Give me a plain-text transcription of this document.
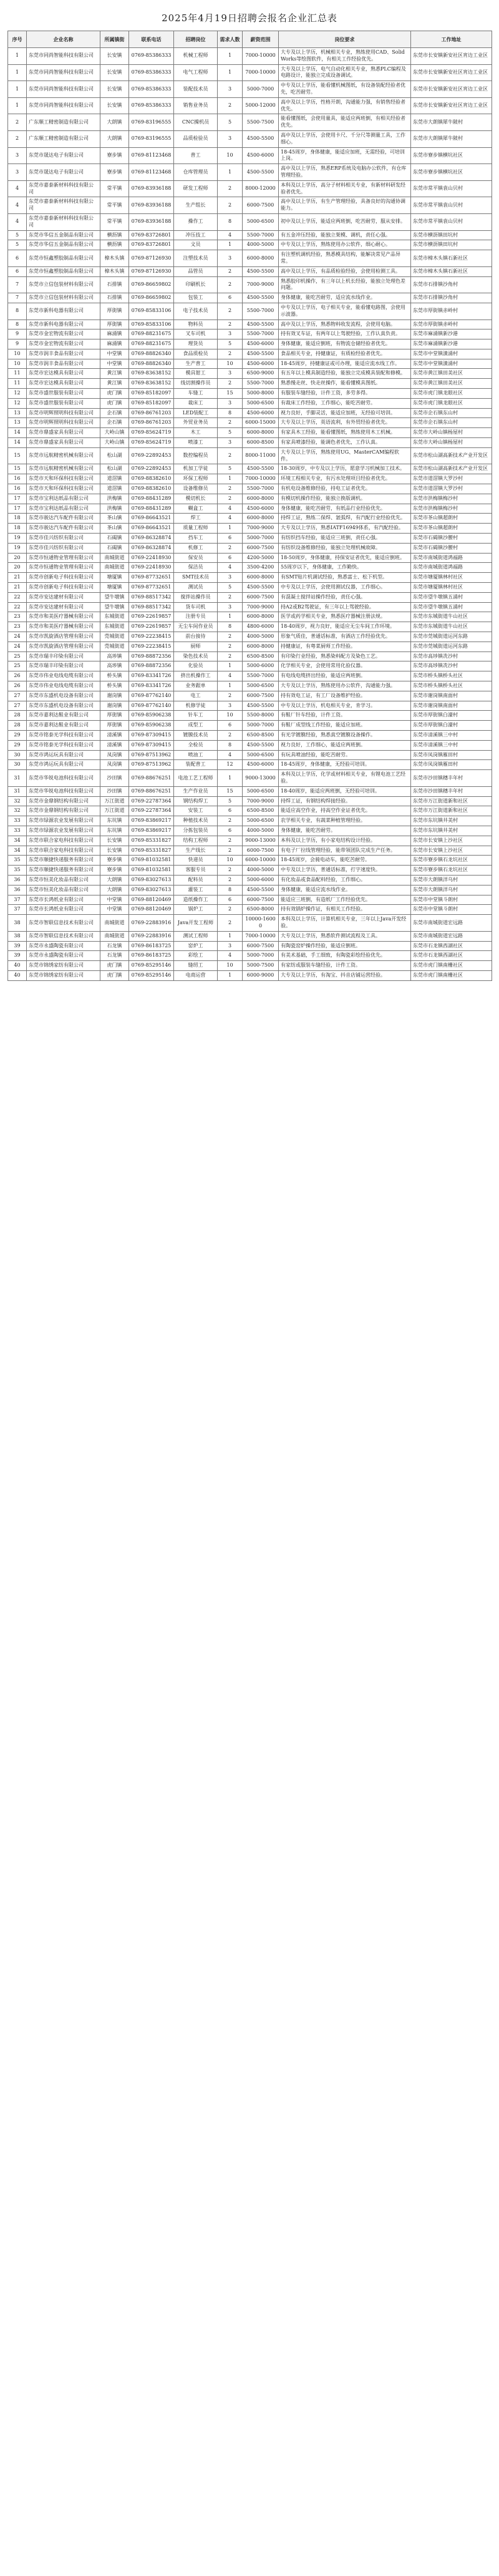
2025年4月19日招聘会报名企业汇总表
序号	企业名称	所属镇街	联系电话	招聘岗位	需求人数	薪资范围	岗位要求	工作地址
1	东莞市同尚智能科技有限公司	长安镇	0769-85386333	机械工程师	1	7000-10000	大专及以上学历，机械相关专业，熟练使用CAD、SolidWorks等绘图软件，有相关工作经验优先。	东莞市长安镇新安社区宵边工业区
1	东莞市同尚智能科技有限公司	长安镇	0769-85386333	电气工程师	1	7000-10000	大专及以上学历，电气自动化相关专业，熟悉PLC编程及电路设计，能独立完成设备调试。	东莞市长安镇新安社区宵边工业区
1	东莞市同尚智能科技有限公司	长安镇	0769-85386333	装配技术员	3	5000-7000	中专及以上学历，能看懂机械图纸，有设备装配经验者优先，吃苦耐劳。	东莞市长安镇新安社区宵边工业区
1	东莞市同尚智能科技有限公司	长安镇	0769-85386333	销售业务员	2	5000-12000	高中及以上学历，性格开朗，沟通能力强，有销售经验者优先。	东莞市长安镇新安社区宵边工业区
2	广东顺工精密制造有限公司	大朗镇	0769-83196555	CNC操机员	5	5500-7500	能看懂图纸，会使用量具，能适应两班倒，有相关经验者优先。	东莞市大朗镇犀牛陂村
2	广东顺工精密制造有限公司	大朗镇	0769-83196555	品质检验员	3	4500-5500	高中及以上学历，会使用卡尺、千分尺等测量工具，工作细心。	东莞市大朗镇犀牛陂村
3	东莞市晟达电子有限公司	寮步镇	0769-81123468	普工	10	4500-6000	18-45周岁，身体健康，能适应加班，无需经验，可培训上岗。	东莞市寮步镇横坑社区
3	东莞市晟达电子有限公司	寮步镇	0769-81123468	仓库管理员	1	4500-5500	高中及以上学历，熟悉ERP系统及电脑办公软件，有仓库管理经验。	东莞市寮步镇横坑社区
4	东莞市嘉泰新材料科技有限公司	常平镇	0769-83936188	研发工程师	2	8000-12000	本科及以上学历，高分子材料相关专业，有新材料研发经验者优先。	东莞市常平镇袁山贝村
4	东莞市嘉泰新材料科技有限公司	常平镇	0769-83936188	生产组长	2	6000-7500	高中及以上学历，有生产管理经验，具备良好的沟通协调能力。	东莞市常平镇袁山贝村
4	东莞市嘉泰新材料科技有限公司	常平镇	0769-83936188	操作工	8	5000-6500	初中及以上学历，能适应两班倒，吃苦耐劳，服从安排。	东莞市常平镇袁山贝村
5	东莞市华信五金制品有限公司	横沥镇	0769-83726801	冲压技工	4	5500-7000	有五金冲压经验，能独立架模、调机，责任心强。	东莞市横沥镇田坑村
5	东莞市华信五金制品有限公司	横沥镇	0769-83726801	文员	1	4000-5000	中专及以上学历，熟练使用办公软件，细心耐心。	东莞市横沥镇田坑村
6	东莞市恒鑫塑胶制品有限公司	樟木头镇	0769-87126930	注塑技术员	3	6000-8000	有注塑机调机经验，熟悉模具结构，能解决常见产品异常。	东莞市樟木头镇石新社区
6	东莞市恒鑫塑胶制品有限公司	樟木头镇	0769-87126930	品管员	2	4500-5500	高中及以上学历，有品质检验经验，会使用检测工具。	东莞市樟木头镇石新社区
7	东莞市立信包装材料有限公司	石排镇	0769-86659802	印刷机长	2	7000-9000	熟悉胶印机操作，有三年以上机长经验，能独立处理色差问题。	东莞市石排镇沙角村
7	东莞市立信包装材料有限公司	石排镇	0769-86659802	包装工	6	4500-5500	身体健康，能吃苦耐劳，适应流水线作业。	东莞市石排镇沙角村
8	东莞市新科电器有限公司	厚街镇	0769-85833106	电子技术员	2	5500-7000	中专及以上学历，电子相关专业，能看懂电路图，会使用示波器。	东莞市厚街镇赤岭村
8	东莞市新科电器有限公司	厚街镇	0769-85833106	物料员	2	4500-5500	高中及以上学历，熟悉物料收发流程，会使用电脑。	东莞市厚街镇赤岭村
9	东莞市金宏物流有限公司	麻涌镇	0769-88231675	叉车司机	3	5500-7000	持有效叉车证，有两年以上驾驶经验，工作认真负责。	东莞市麻涌镇新沙港
9	东莞市金宏物流有限公司	麻涌镇	0769-88231675	理货员	5	4500-6000	身体健康，能适应倒班，有物流仓储经验者优先。	东莞市麻涌镇新沙港
10	东莞市润丰食品有限公司	中堂镇	0769-88826340	食品质检员	2	4500-5500	食品相关专业，持健康证，有质检经验者优先。	东莞市中堂镇潢涌村
10	东莞市润丰食品有限公司	中堂镇	0769-88826340	生产普工	10	4500-6000	18-45周岁，持健康证或可办理，能适应流水线工作。	东莞市中堂镇潢涌村
11	东莞市宏达模具有限公司	黄江镇	0769-83638152	模具钳工	3	6500-9000	有五年以上模具制造经验，能独立完成模具装配和修模。	东莞市黄江镇田美社区
11	东莞市宏达模具有限公司	黄江镇	0769-83638152	线切割操作员	2	5500-7000	熟悉慢走丝、快走丝操作，能看懂模具图纸。	东莞市黄江镇田美社区
12	东莞市盛世服装有限公司	虎门镇	0769-85182097	车缝工	15	5000-8000	有服装车缝经验，计件工资，多劳多得。	东莞市虎门镇龙眼社区
12	东莞市盛世服装有限公司	虎门镇	0769-85182097	裁床工	3	5000-6500	有裁床工作经验，工作细心，能吃苦耐劳。	东莞市虎门镇龙眼社区
13	东莞市明辉照明科技有限公司	企石镇	0769-86761203	LED装配工	8	4500-6000	视力良好，手脚灵活，能适应加班，无经验可培训。	东莞市企石镇东山村
13	东莞市明辉照明科技有限公司	企石镇	0769-86761203	外贸业务员	2	6000-15000	大专及以上学历，英语流利，有外贸经验者优先。	东莞市企石镇东山村
14	东莞市鼎盛家具有限公司	大岭山镇	0769-85624719	木工	5	6000-8000	有家具木工经验，能看懂图纸，熟练使用木工机械。	东莞市大岭山镇杨屋村
14	东莞市鼎盛家具有限公司	大岭山镇	0769-85624719	喷漆工	3	6000-8500	有家具喷漆经验，能调色者优先，工作认真。	东莞市大岭山镇杨屋村
15	东莞市远航精密机械有限公司	松山湖	0769-22892453	数控编程员	2	8000-11000	大专及以上学历，熟练使用UG、MasterCAM编程软件。	东莞市松山湖高新技术产业开发区
15	东莞市远航精密机械有限公司	松山湖	0769-22892453	机加工学徒	5	4500-5500	18-30周岁，中专及以上学历，愿意学习机械加工技术。	东莞市松山湖高新技术产业开发区
16	东莞市天和环保科技有限公司	道滘镇	0769-88382610	环保工程师	1	7000-10000	环境工程相关专业，有污水处理项目经验者优先。	东莞市道滘镇大罗沙村
16	东莞市天和环保科技有限公司	道滘镇	0769-88382610	设备维修员	2	5500-7000	有机电设备维修经验，持电工证者优先。	东莞市道滘镇大罗沙村
17	东莞市宝利达纸品有限公司	洪梅镇	0769-88431289	模切机长	2	6000-8000	有模切机操作经验，能独立换版调机。	东莞市洪梅镇梅沙村
17	东莞市宝利达纸品有限公司	洪梅镇	0769-88431289	糊盒工	4	4500-6000	身体健康，能吃苦耐劳，有纸品行业经验优先。	东莞市洪梅镇梅沙村
18	东莞市骏达汽车配件有限公司	茶山镇	0769-86643521	焊工	4	6000-8000	持焊工证，熟练二保焊、氩弧焊，有汽配行业经验优先。	东莞市茶山镇超朗村
18	东莞市骏达汽车配件有限公司	茶山镇	0769-86643521	质量工程师	1	7000-9000	大专及以上学历，熟悉IATF16949体系，有汽配经验。	东莞市茶山镇超朗村
19	东莞市佳兴纺织有限公司	石碣镇	0769-86328874	挡车工	6	5000-7000	有纺织挡车经验，能适应三班倒，责任心强。	东莞市石碣镇沙腰村
19	东莞市佳兴纺织有限公司	石碣镇	0769-86328874	机修工	2	6000-7500	有纺织设备维修经验，能独立处理机械故障。	东莞市石碣镇沙腰村
20	东莞市恒通物业管理有限公司	南城街道	0769-22418930	保安员	6	4200-5000	18-50周岁，身体健康，持保安证者优先，能适应倒班。	东莞市南城街道鸿福路
20	东莞市恒通物业管理有限公司	南城街道	0769-22418930	保洁员	4	3500-4200	55周岁以下，身体健康，工作勤快。	东莞市南城街道鸿福路
21	东莞市创新电子科技有限公司	塘厦镇	0769-87732651	SMT技术员	3	6000-8000	有SMT贴片机调试经验，熟悉富士、松下机型。	东莞市塘厦镇林村社区
21	东莞市创新电子科技有限公司	塘厦镇	0769-87732651	测试员	5	4500-5500	中专及以上学历，会使用测试仪器，工作细心。	东莞市塘厦镇林村社区
22	东莞市安达建材有限公司	望牛墩镇	0769-88517342	搅拌站操作员	2	6000-7500	有混凝土搅拌站操作经验，责任心强。	东莞市望牛墩镇五涌村
22	东莞市安达建材有限公司	望牛墩镇	0769-88517342	货车司机	3	7000-9000	持A2或B2驾驶证，有三年以上驾驶经验。	东莞市望牛墩镇五涌村
23	东莞市和美医疗器械有限公司	东城街道	0769-22619857	注册专员	1	6000-8000	医学或药学相关专业，熟悉医疗器械注册法规。	东莞市东城街道牛山社区
23	东莞市和美医疗器械有限公司	东城街道	0769-22619857	无尘车间作业员	8	4800-6000	18-40周岁，视力良好，能适应无尘车间工作环境。	东莞市东城街道牛山社区
24	东莞市凯旋酒店管理有限公司	莞城街道	0769-22238415	前台接待	2	4000-5000	形象气质佳，普通话标准，有酒店工作经验优先。	东莞市莞城街道运河东路
24	东莞市凯旋酒店管理有限公司	莞城街道	0769-22238415	厨师	2	6000-8000	持健康证，有粤菜厨师工作经验。	东莞市莞城街道运河东路
25	东莞市瑞丰印染有限公司	高埗镇	0769-88872356	染色技术员	2	6500-8500	有印染行业经验，熟悉染料配方及染色工艺。	东莞市高埗镇冼沙村
25	东莞市瑞丰印染有限公司	高埗镇	0769-88872356	化验员	1	5000-6000	化学相关专业，会使用常用化验仪器。	东莞市高埗镇冼沙村
26	东莞市伟业电线电缆有限公司	桥头镇	0769-83341726	挤出机操作工	4	5500-7000	有电线电缆挤出经验，能适应两班倒。	东莞市桥头镇桥头社区
26	东莞市伟业电线电缆有限公司	桥头镇	0769-83341726	业务跟单	1	5000-6500	大专及以上学历，熟练使用办公软件，沟通能力强。	东莞市桥头镇桥头社区
27	东莞市东盛机电设备有限公司	谢岗镇	0769-87762140	电工	2	6000-7500	持有效电工证，有工厂设备维护经验。	东莞市谢岗镇南面村
27	东莞市东盛机电设备有限公司	谢岗镇	0769-87762140	机修学徒	3	4500-5500	中专及以上学历，机电相关专业，肯学习。	东莞市谢岗镇南面村
28	东莞市嘉利达鞋业有限公司	厚街镇	0769-85906238	针车工	10	5500-8000	有鞋厂针车经验，计件工资。	东莞市厚街镇白濠村
28	东莞市嘉利达鞋业有限公司	厚街镇	0769-85906238	成型工	6	5000-7000	有鞋厂成型线工作经验，能适应加班。	东莞市厚街镇白濠村
29	东莞市铭泰光学科技有限公司	清溪镇	0769-87309415	镀膜技术员	2	6500-8500	有光学镀膜经验，熟悉真空镀膜设备操作。	东莞市清溪镇三中村
29	东莞市铭泰光学科技有限公司	清溪镇	0769-87309415	全检员	8	4500-5500	视力良好，工作细心，能适应两班倒。	东莞市清溪镇三中村
30	东莞市鸿运玩具有限公司	凤岗镇	0769-87513962	喷油工	4	5000-6500	有玩具喷油经验，能吃苦耐劳。	东莞市凤岗镇雁田村
30	东莞市鸿运玩具有限公司	凤岗镇	0769-87513962	装配普工	12	4500-6000	18-45周岁，身体健康，无经验可培训。	东莞市凤岗镇雁田村
31	东莞市华锐电池科技有限公司	沙田镇	0769-88676251	电池工艺工程师	1	9000-13000	本科及以上学历，化学或材料相关专业，有锂电池工艺经验。	东莞市沙田镇穗丰年村
31	东莞市华锐电池科技有限公司	沙田镇	0769-88676251	生产作业员	15	5000-6500	18-40周岁，能适应两班倒，无经验可培训。	东莞市沙田镇穗丰年村
32	东莞市金鼎钢结构有限公司	万江街道	0769-22787364	钢结构焊工	5	7000-9000	持焊工证，有钢结构焊接经验。	东莞市万江街道新和社区
32	东莞市金鼎钢结构有限公司	万江街道	0769-22787364	安装工	6	6500-8500	能适应高空作业，持高空作业证者优先。	东莞市万江街道新和社区
33	东莞市绿源农业发展有限公司	东坑镇	0769-83869217	种植技术员	2	5000-6500	农学相关专业，有蔬菜种植管理经验。	东莞市东坑镇井美村
33	东莞市绿源农业发展有限公司	东坑镇	0769-83869217	分拣包装员	6	4000-5000	身体健康，能吃苦耐劳。	东莞市东坑镇井美村
34	东莞市联合家电科技有限公司	长安镇	0769-85331827	结构工程师	2	9000-13000	本科及以上学历，有小家电结构设计经验。	东莞市长安镇上沙社区
34	东莞市联合家电科技有限公司	长安镇	0769-85331827	生产线长	2	6000-7500	有电子厂拉线管理经验，能带领团队完成生产任务。	东莞市长安镇上沙社区
35	东莞市顺捷快递服务有限公司	寮步镇	0769-81032581	快递员	10	6000-10000	18-45周岁，会骑电动车，能吃苦耐劳。	东莞市寮步镇石龙坑社区
35	东莞市顺捷快递服务有限公司	寮步镇	0769-81032581	客服专员	2	4000-5000	中专及以上学历，普通话标准，打字速度快。	东莞市寮步镇石龙坑社区
36	东莞市恒美化妆品有限公司	大朗镇	0769-83027613	配料员	2	5000-6000	有化妆品或食品配料经验，工作细心。	东莞市大朗镇洋乌村
36	东莞市恒美化妆品有限公司	大朗镇	0769-83027613	灌装工	8	4500-5500	身体健康，能适应流水线作业。	东莞市大朗镇洋乌村
37	东莞市长鸿纸业有限公司	中堂镇	0769-88120469	造纸操作工	6	6000-7500	能适应三班倒，有造纸厂工作经验优先。	东莞市中堂镇斗朗村
37	东莞市长鸿纸业有限公司	中堂镇	0769-88120469	锅炉工	2	6500-8000	持有效锅炉操作证，有相关工作经验。	东莞市中堂镇斗朗村
38	东莞市智联信息技术有限公司	南城街道	0769-22883916	Java开发工程师	2	10000-16000	本科及以上学历，计算机相关专业，三年以上Java开发经验。	东莞市南城街道宏远路
38	东莞市智联信息技术有限公司	南城街道	0769-22883916	测试工程师	1	7000-10000	大专及以上学历，熟悉软件测试流程及工具。	东莞市南城街道宏远路
39	东莞市永盛陶瓷有限公司	石龙镇	0769-86183725	窑炉工	3	6000-7500	有陶瓷窑炉操作经验，能适应倒班。	东莞市石龙镇西湖社区
39	东莞市永盛陶瓷有限公司	石龙镇	0769-86183725	彩绘工	4	5000-7000	有美术基础，手工细致，有陶瓷彩绘经验优先。	东莞市石龙镇西湖社区
40	东莞市锦绣家纺有限公司	虎门镇	0769-85295146	缝纫工	10	5000-7500	有家纺或服装车缝经验，计件工资。	东莞市虎门镇南栅社区
40	东莞市锦绣家纺有限公司	虎门镇	0769-85295146	电商运营	1	6000-9000	大专及以上学历，有淘宝、抖音店铺运营经验。	东莞市虎门镇南栅社区
